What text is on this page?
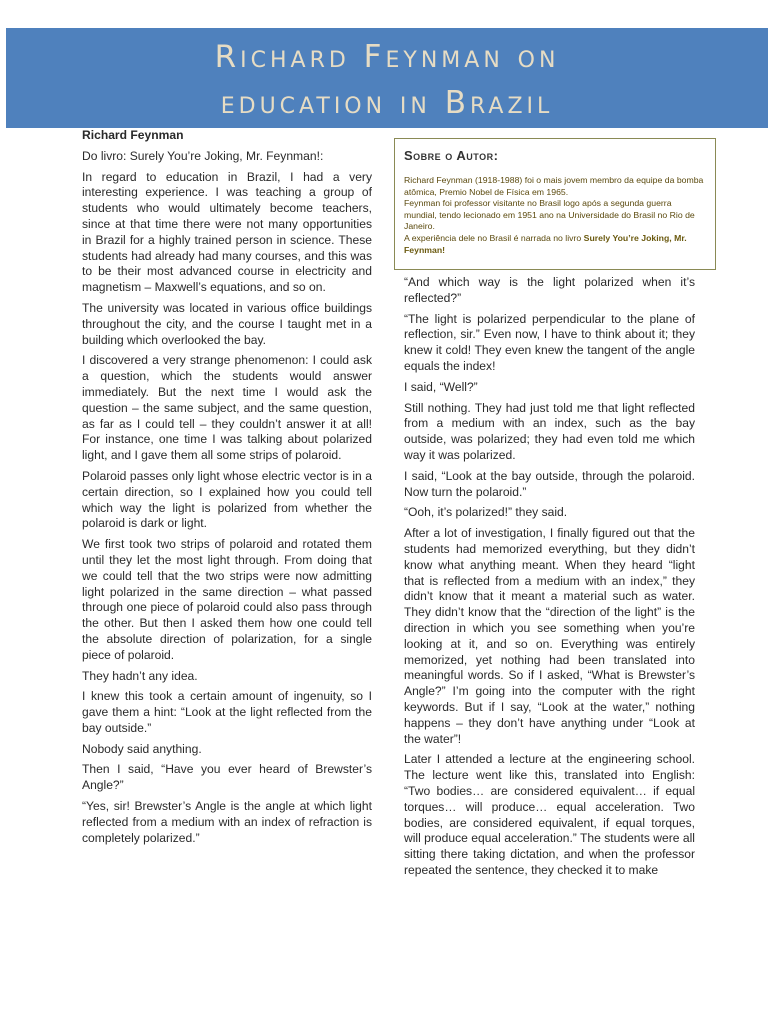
Richard Feynman on
education in Brazil

Richard Feynman

Do livro: Surely You’re Joking, Mr. Feynman!:

In regard to education in Brazil, I had a very interesting experience. I was teaching a group of students who would ultimately become teachers, since at that time there were not many opportunities in Brazil for a highly trained person in science. These students had already had many courses, and this was to be their most advanced course in electricity and magnetism – Maxwell’s equations, and so on.

The university was located in various office buildings throughout the city, and the course I taught met in a building which overlooked the bay.

I discovered a very strange phenomenon: I could ask a question, which the students would answer immediately. But the next time I would ask the question – the same subject, and the same question, as far as I could tell – they couldn’t answer it at all! For instance, one time I was talking about polarized light, and I gave them all some strips of polaroid.

Polaroid passes only light whose electric vector is in a certain direction, so I explained how you could tell which way the light is polarized from whether the polaroid is dark or light.

We first took two strips of polaroid and rotated them until they let the most light through. From doing that we could tell that the two strips were now admitting light polarized in the same direction – what passed through one piece of polaroid could also pass through the other. But then I asked them how one could tell the absolute direction of polarization, for a single piece of polaroid.

They hadn’t any idea.

I knew this took a certain amount of ingenuity, so I gave them a hint: “Look at the light reflected from the bay outside.”

Nobody said anything.

Then I said, “Have you ever heard of Brewster’s Angle?”

“Yes, sir! Brewster’s Angle is the angle at which light reflected from a medium with an index of refraction is completely polarized.”

Sobre o Autor:

Richard Feynman (1918-1988) foi o mais jovem membro da equipe da bomba atômica, Premio Nobel de Física em 1965.

Feynman foi professor visitante no Brasil logo após a segunda guerra mundial, tendo lecionado em 1951 ano na Universidade do Brasil no Rio de Janeiro.

A experiência dele no Brasil é narrada no livro Surely You’re Joking, Mr. Feynman!

“And which way is the light polarized when it’s reflected?”

“The light is polarized perpendicular to the plane of reflection, sir.” Even now, I have to think about it; they knew it cold! They even knew the tangent of the angle equals the index!

I said, “Well?”

Still nothing. They had just told me that light reflected from a medium with an index, such as the bay outside, was polarized; they had even told me which way it was polarized.

I said, “Look at the bay outside, through the polaroid. Now turn the polaroid.”

“Ooh, it’s polarized!” they said.

After a lot of investigation, I finally figured out that the students had memorized everything, but they didn’t know what anything meant. When they heard “light that is reflected from a medium with an index,” they didn’t know that it meant a material such as water. They didn’t know that the “direction of the light” is the direction in which you see something when you’re looking at it, and so on. Everything was entirely memorized, yet nothing had been translated into meaningful words. So if I asked, “What is Brewster’s Angle?” I’m going into the computer with the right keywords. But if I say, “Look at the water,” nothing happens – they don’t have anything under “Look at the water”!

Later I attended a lecture at the engineering school. The lecture went like this, translated into English: “Two bodies… are considered equivalent… if equal torques… will produce… equal acceleration. Two bodies, are considered equivalent, if equal torques, will produce equal acceleration.” The students were all sitting there taking dictation, and when the professor repeated the sentence, they checked it to make
